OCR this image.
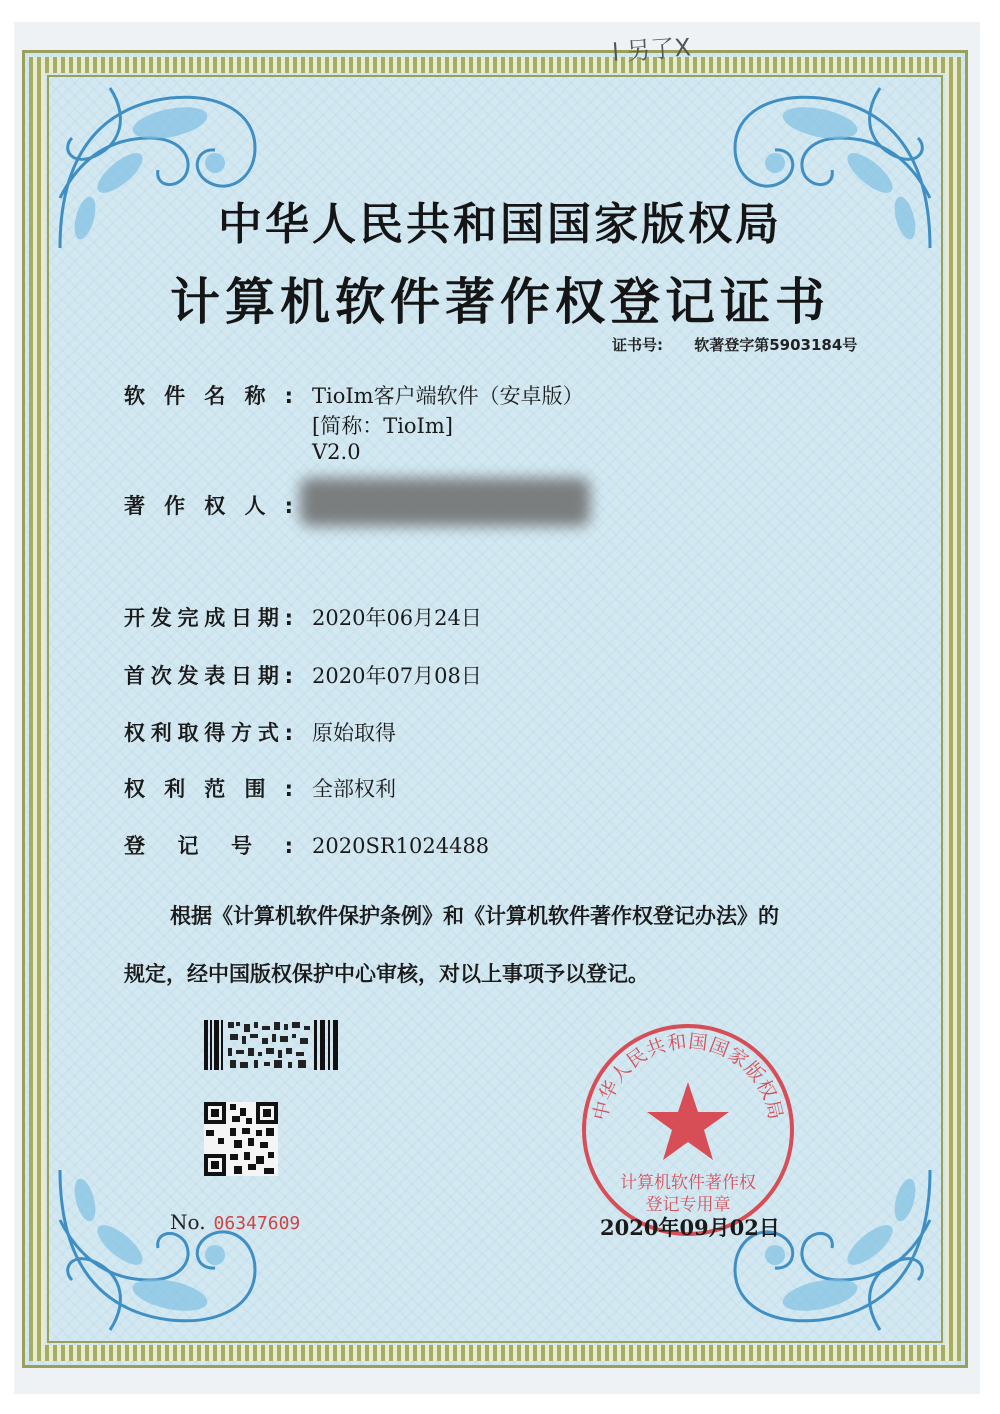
l 另了X
中华人民共和国国家版权局
计算机软件著作权登记证书
证书号: 软著登字第5903184号
软件名称: TioIm客户端软件（安卓版）
[简称：TioIm]
V2.0
著作权人:
开发完成日期: 2020年06月24日
首次发表日期: 2020年07月08日
权利取得方式: 原始取得
权利范围: 全部权利
登记号: 2020SR1024488
根据《计算机软件保护条例》和《计算机软件著作权登记办法》的
规定，经中国版权保护中心审核，对以上事项予以登记。
No. 06347609
中华人民共和国国家版权局
计算机软件著作权
登记专用章
2020年09月02日
